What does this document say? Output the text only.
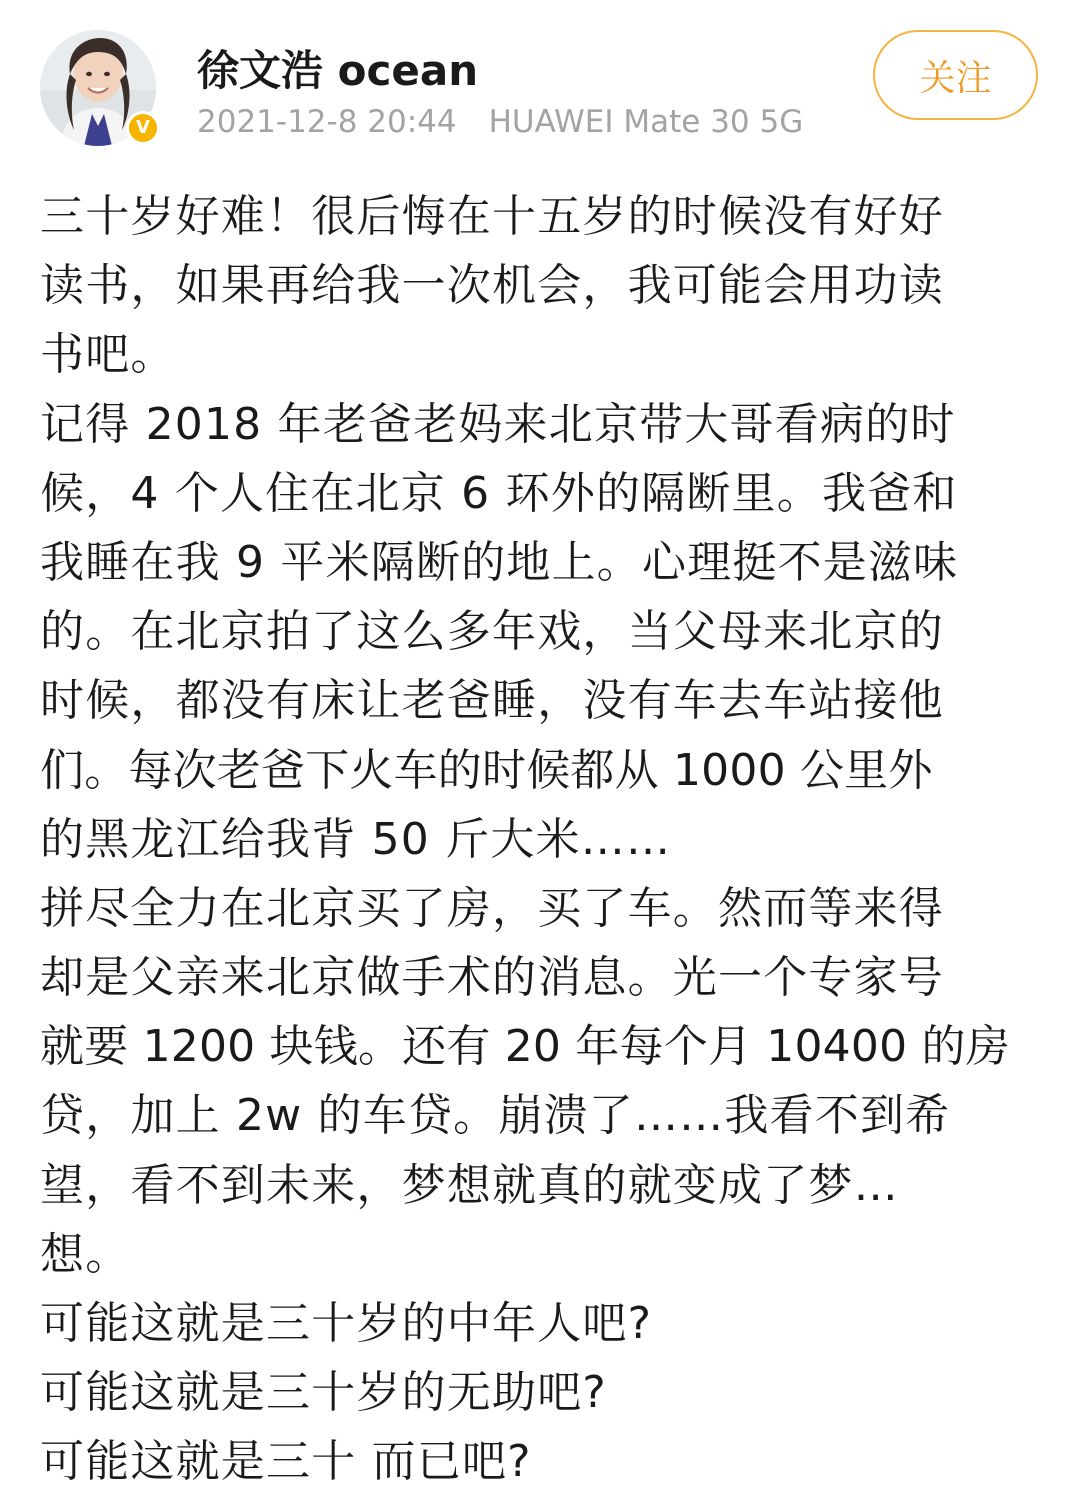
V
徐文浩 ocean
2021-12-8 20:44 HUAWEI Mate 30 5G
关注
三十岁好难！很后悔在十五岁的时候没有好好
读书，如果再给我一次机会，我可能会用功读
书吧。
记得 2018 年老爸老妈来北京带大哥看病的时
候，4 个人住在北京 6 环外的隔断里。我爸和
我睡在我 9 平米隔断的地上。心理挺不是滋味
的。在北京拍了这么多年戏，当父母来北京的
时候，都没有床让老爸睡，没有车去车站接他
们。每次老爸下火车的时候都从 1000 公里外
的黑龙江给我背 50 斤大米……
拼尽全力在北京买了房，买了车。然而等来得
却是父亲来北京做手术的消息。光一个专家号
就要 1200 块钱。还有 20 年每个月 10400 的房
贷，加上 2w 的车贷。崩溃了……我看不到希
望，看不到未来，梦想就真的就变成了梦…
想。
可能这就是三十岁的中年人吧?
可能这就是三十岁的无助吧?
可能这就是三十 而已吧?
